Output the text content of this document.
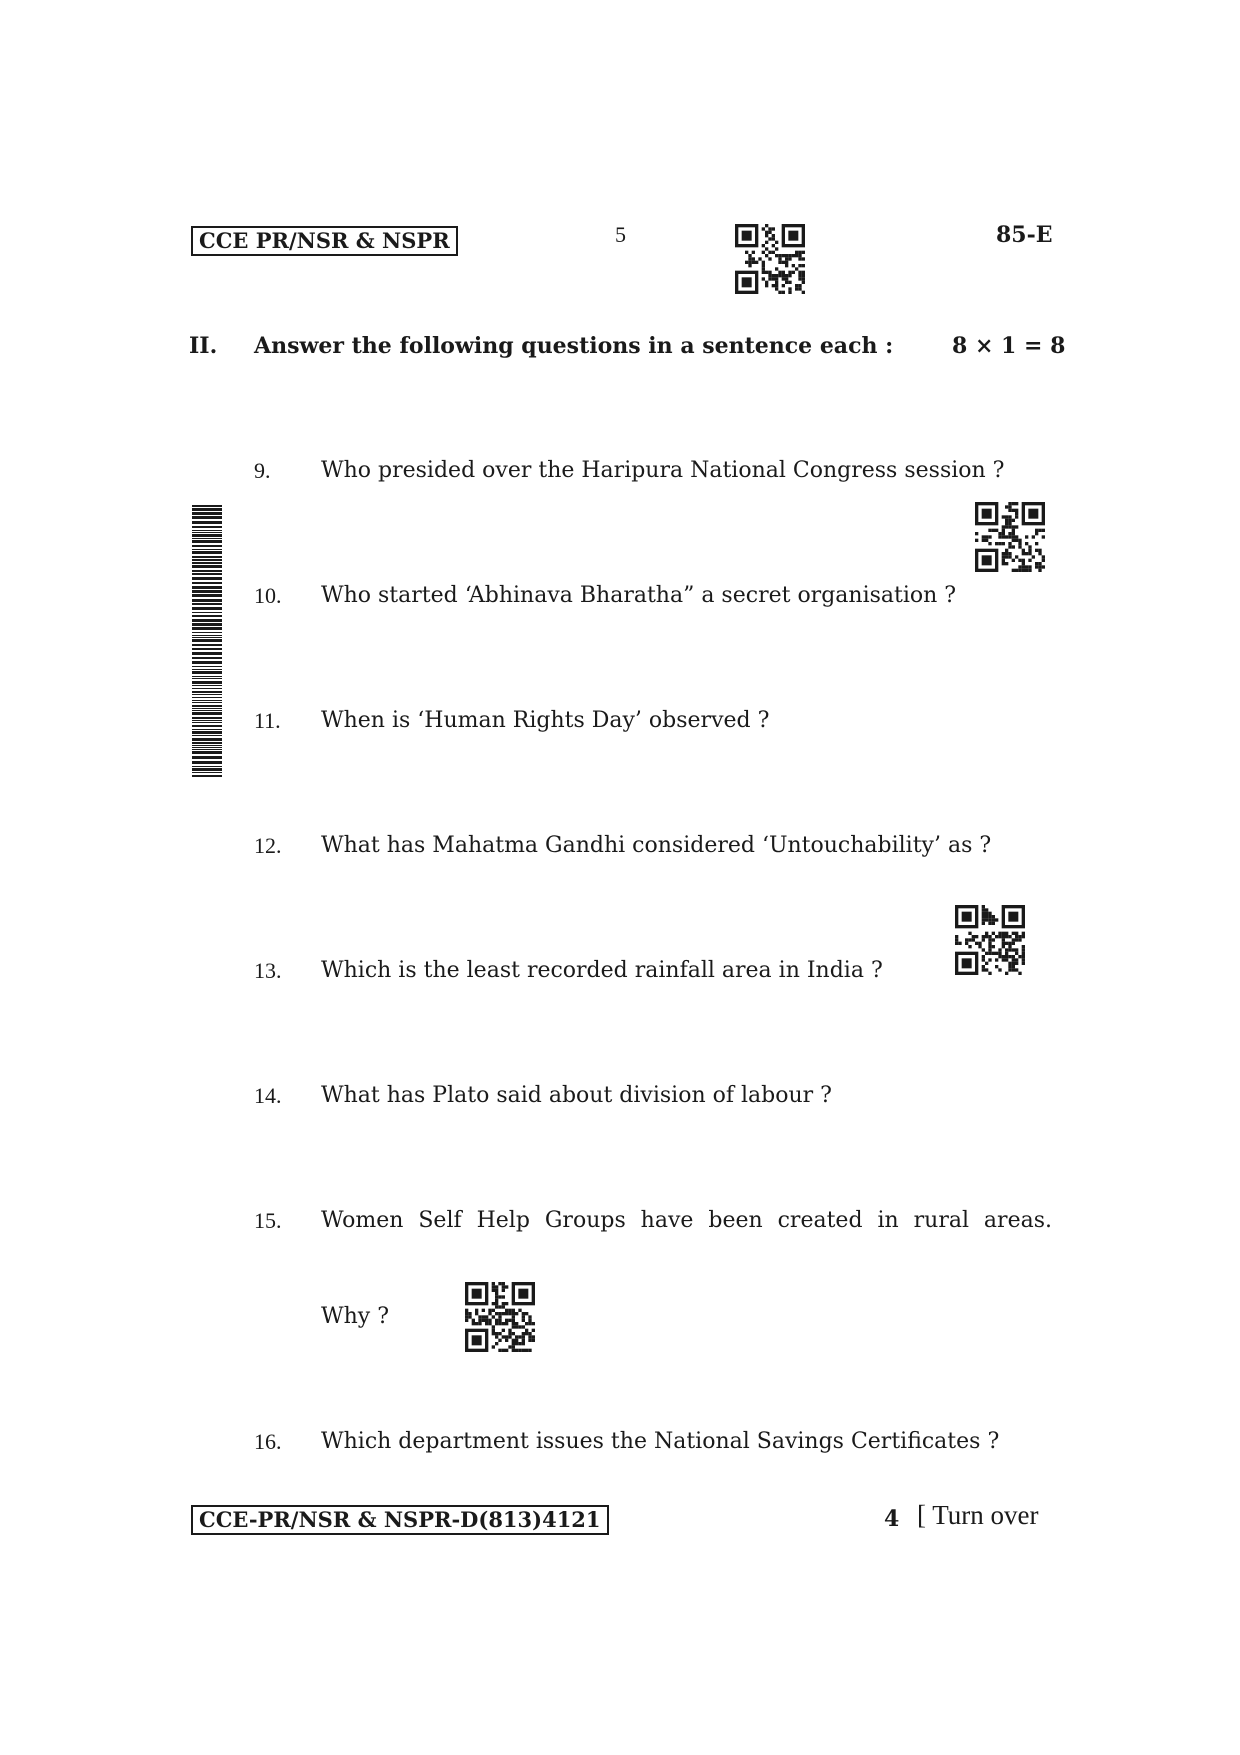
CCE PR/NSR & NSPR	5	85-E
II. Answer the following questions in a sentence each :	8 × 1 = 8
9. Who presided over the Haripura National Congress session ?
10. Who started ‘Abhinava Bharatha” a secret organisation ?
11. When is ‘Human Rights Day’ observed ?
12. What has Mahatma Gandhi considered ‘Untouchability’ as ?
13. Which is the least recorded rainfall area in India ?
14. What has Plato said about division of labour ?
15. Women Self Help Groups have been created in rural areas.
Why ?
16. Which department issues the National Savings Certificates ?
CCE-PR/NSR & NSPR-D(813)4121	4 [ Turn over
